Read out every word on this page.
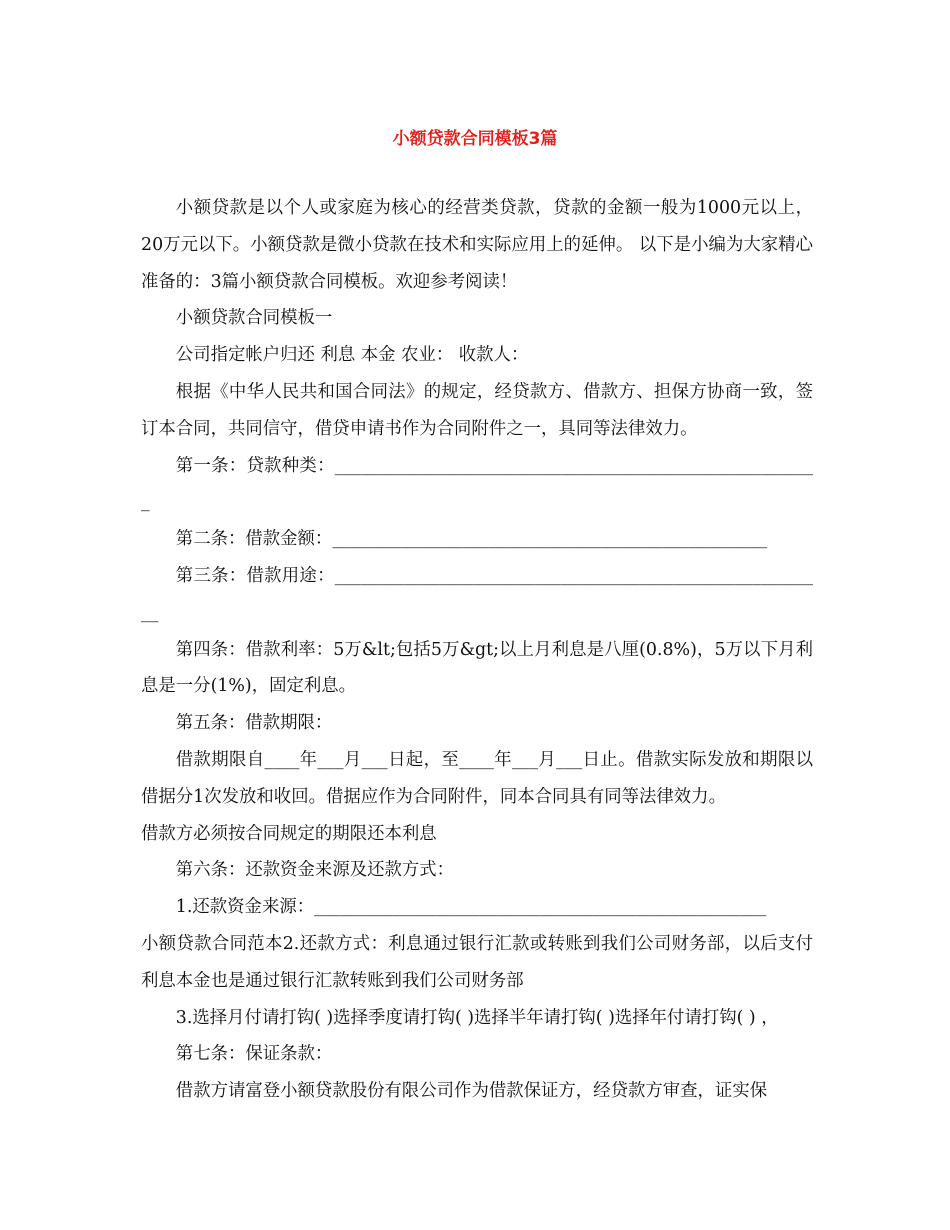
小额贷款合同模板3篇

小额贷款是以个人或家庭为核心的经营类贷款，贷款的金额一般为1000元以上，20万元以下。小额贷款是微小贷款在技术和实际应用上的延伸。 以下是小编为大家精心准备的：3篇小额贷款合同模板。欢迎参考阅读！

小额贷款合同模板一

公司指定帐户归还 利息 本金 农业： 收款人：

根据《中华人民共和国合同法》的规定，经贷款方、借款方、担保方协商一致，签订本合同，共同信守，借贷申请书作为合同附件之一，具同等法律效力。

第一条：贷款种类：________________________________________________________

第二条：借款金额：__________________________________________________

第三条：借款用途：_________________________________________________________

第四条：借款利率：5万&lt;包括5万&gt;以上月利息是八厘(0.8%)，5万以下月利息是一分(1%)，固定利息。

第五条：借款期限：

借款期限自____年___月___日起，至____年___月___日止。借款实际发放和期限以借据分1次发放和收回。借据应作为合同附件，同本合同具有同等法律效力。

借款方必须按合同规定的期限还本利息

第六条：还款资金来源及还款方式：

1.还款资金来源：____________________________________________________

小额贷款合同范本2.还款方式：利息通过银行汇款或转账到我们公司财务部，以后支付利息本金也是通过银行汇款转账到我们公司财务部

3.选择月付请打钩( )选择季度请打钩( )选择半年请打钩( )选择年付请打钩( ) ，

第七条：保证条款：

借款方请富登小额贷款股份有限公司作为借款保证方，经贷款方审查，证实保
